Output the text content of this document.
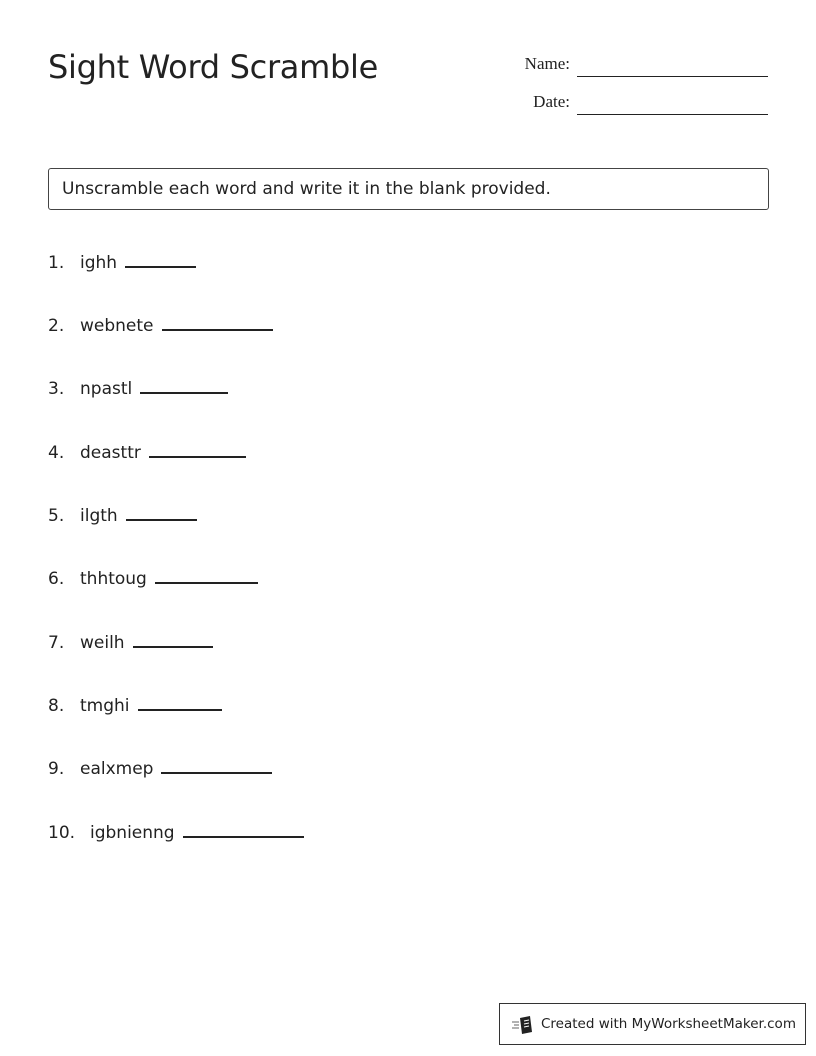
Sight Word Scramble	Name:
Date:
Unscramble each word and write it in the blank provided.
1. ighh
2. webnete
3. npastl
4. deasttr
5. ilgth
6. thhtoug
7. weilh
8. tmghi
9. ealxmep
10. igbnienng
Created with MyWorksheetMaker.com
